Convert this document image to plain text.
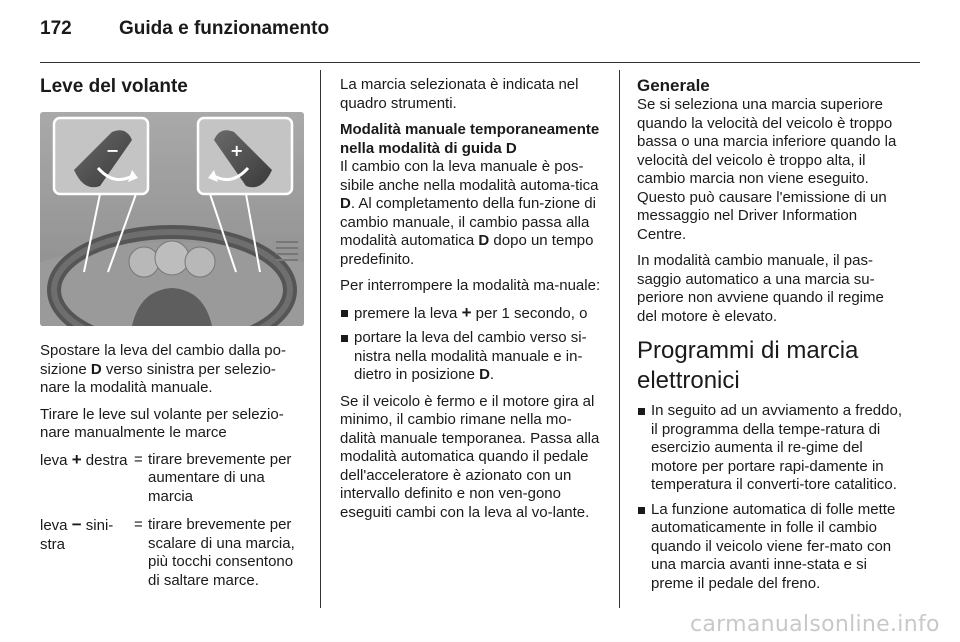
172 Guida e funzionamento
Leve del volante
−	+

Spostare la leva del cambio dalla po-sizione D verso sinistra per selezio-nare la modalità manuale.

Tirare le leve sul volante per selezio-nare manualmente le marce

leva + destra = tirare brevemente per aumentare di una marcia
leva − sini-stra
= tirare brevemente per scalare di una marcia, più tocchi consentono di saltare marce.

La marcia selezionata è indicata nel quadro strumenti.

Modalità manuale temporaneamente nella modalità di guida D

Il cambio con la leva manuale è pos-sibile anche nella modalità automa-tica D. Al completamento della fun-zione di cambio manuale, il cambio passa alla modalità automatica D dopo un tempo predefinito.

Per interrompere la modalità ma-nuale:

premere la leva + per 1 secondo, o
portare la leva del cambio verso si-nistra nella modalità manuale e in-dietro in posizione D.

Se il veicolo è fermo e il motore gira al minimo, il cambio rimane nella mo-dalità manuale temporanea. Passa alla modalità automatica quando il pedale dell'acceleratore è azionato con un intervallo definito e non ven-gono eseguiti cambi con la leva al vo-lante.

Generale

Se si seleziona una marcia superiore quando la velocità del veicolo è troppo bassa o una marcia inferiore quando la velocità del veicolo è troppo alta, il cambio marcia non viene eseguito. Questo può causare l'emissione di un messaggio nel Driver Information Centre.

In modalità cambio manuale, il pas-saggio automatico a una marcia su-periore non avviene quando il regime del motore è elevato.

Programmi di marcia elettronici
In seguito ad un avviamento a freddo, il programma della tempe-ratura di esercizio aumenta il re-gime del motore per portare rapi-damente in temperatura il converti-tore catalitico.
La funzione automatica di folle mette automaticamente in folle il cambio quando il veicolo viene fer-mato con una marcia avanti inne-stata e si preme il pedale del freno.
carmanualsonline.info
